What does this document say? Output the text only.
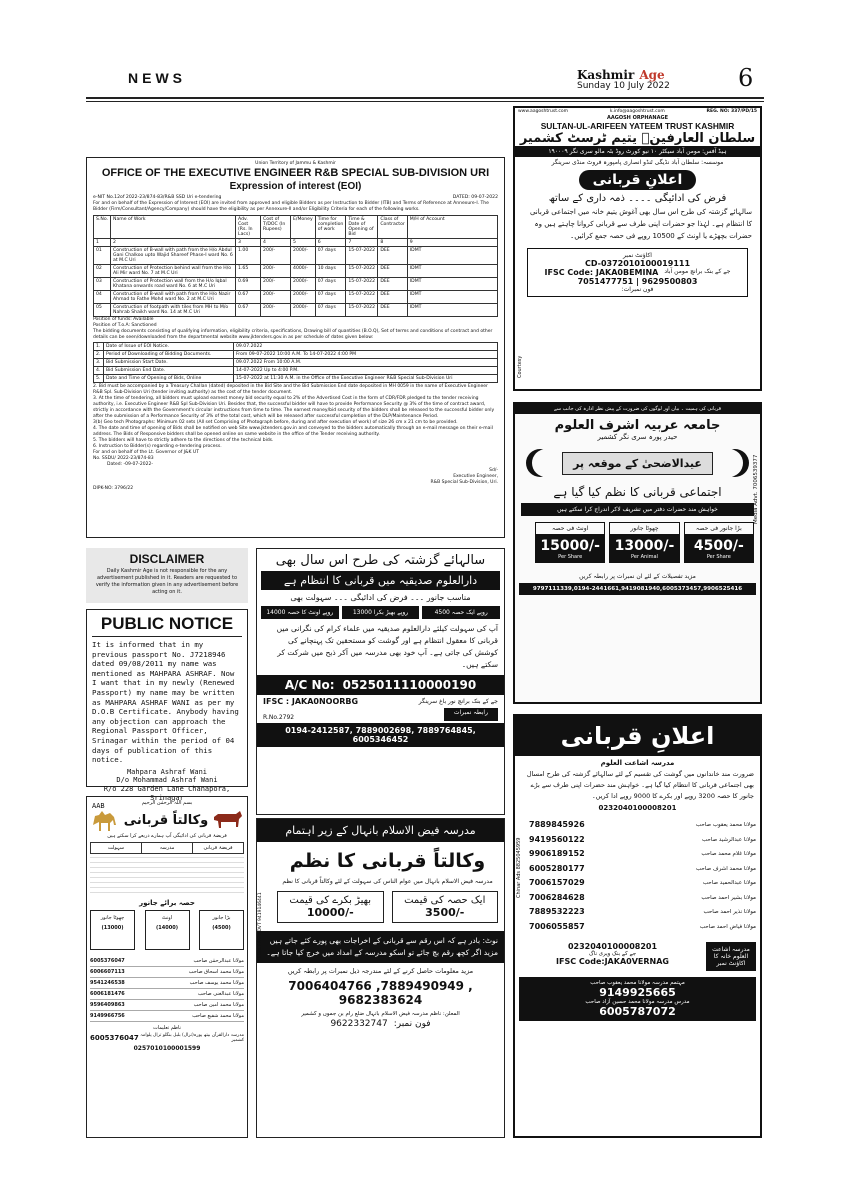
NEWS	Kashmir Age
Sunday 10 July 2022	6
Union Territory of Jammu & Kashmir
OFFICE OF THE EXECUTIVE ENGINEER R&B SPECIAL SUB-DIVISION URI
Expression of interest (EOI)
e-NIT No.12of 2022-23/874-83/R&B SSD Uri e-tendering	DATED: 09-07-2022
For and on behalf of the Expression of Interest (EOI) are invited from approved and eligible Bidders as per Instruction to Bidder (ITB) and Terms of Reference at Annexure-I. The Bidder (Firm/Consultant/Agency/Company) should have the eligibility as per Annexure-II and/or Eligibility Criteria for each of the following works.
S.No.	Name of Work	Adv. Cost (Rs. In Lacs)	Cost of T/DOC (In Rupees)	E/Money	Time for completion of work	Time & Date of Opening of Bid	Class of Contractor	M/H of Account
1	2	3	4	5	6	7	8	9
01	Construction of B-wall with path from the H/o Abdul Gani Chalkoo upto Wajid Shareef Phase-I ward No. 6 at M.C Uri	1.00	200/-	2000/-	07 days	15-07-2022	DEE	IDMT
02	Construction of Protection behind wall from the H/o Ali Mir ward No. 7 at M.C Uri	1.65	200/-	4000/-	10 days	15-07-2022	DEE	IDMT
03	Construction of Protection wall from the H/o Iqbal Khatana onwards road ward No. 6 at M.C Uri	0.69	200/-	2000/-	07 days	15-07-2022	DEE	IDMT
04	Construction of B-wall with path from the H/o Nazir Ahmad to Fathe Mohd ward No. 2 at M.C Uri	0.67	200/-	2000/-	07 days	15-07-2022	DEE	IDMT
05	Construction of footpath with tiles from MH to M/o Nahrab Shaikh ward No. 14 at M.C Uri	0.67	200/-	2000/-	07 days	15-07-2022	DEE	IDMT
Position of funds: Available
Position of T.o.A: Sanctioned
The bidding documents consisting of qualifying information, eligibility criteria, specifications, Drawing bill of quantities (B.O.Q), Set of terms and conditions of contract and other details can be seen/downloaded from the departmental website www.jktenders.gov.in as per schedule of dates given below:
1.	Date of Issue of EOI Notice.	09.07.2022
2.	Period of Downloading of Bidding Documents.	From 09-07-2022 10:00 A.M. To 14-07-2022 4:00 PM
3.	Bid Submission Start Date.	09.07.2022 From 10:00 A.M.
4.	Bid Submission End Date.	14-07-2022 Up to 4:00 P.M.
5.	Date and Time of Opening of Bids, Online	15-07-2022 at 11:30 A.M. in the Office of the Executive Engineer R&B Special Sub-Division Uri
2. Bid must be accompanied by a Treasury Challan (dated) deposited in the Bid Site and the Bid Submission End date deposited in MH 0059 in the name of Executive Engineer R&B Spl. Sub-Division Uri (tender inviting authority) as the cost of the tender document.
3. At the time of tendering, all bidders must upload earnest money bid security equal to 2% of the Advertised Cost in the form of CDR/FDR pledged to the tender receiving authority, i.e. Executive Engineer R&B Spl Sub-Division Uri. Besides that, the successful bidder will have to provide Performance Security @ 3% of the time of contract award, strictly in accordance with the Government's circular instructions from time to time. The earnest money/bid security of the bidders shall be released to the successful bidder only after the submission of a Performance Security of 3% of the total cost, which will be released after successful completion of the DLP/Maintenance Period.
3(b) Geo tech Photographs: Minimum 02 sets (All set Comprising of Photograph before, during and after execution of work) of size 26 cm x 21 cm to be provided.
4. The date and time of opening of Bids shall be notified on web Site www.jktenders.gov.in and conveyed to the bidders automatically through an e-mail message on their e-mail address. The Bids of Responsive bidders shall be opened online on same website in the office of the Tender receiving authority.
5. The bidders will have to strictly adhere to the directions of the technical bids.
6. Instruction to Bidder(s) regarding e-tendering process.
For and on behalf of the Lt. Governor of J&K UT
No. SSDU/ 2022-23/874-83
Dated: -09-07-2022-
Sd/-
Executive Engineer,
R&B Special Sub-Division, Uri.
DIPK-NO: 3796/22
DISCLAIMER
Daily Kashmir Age is not responsible for the any advertisement published in it. Readers are requested to verify the information given in any advertisement before acting on it.
PUBLIC NOTICE
It is informed that in my previous passport No. J7218946 dated 09/08/2011 my name was mentioned as MAHPARA ASHRAF. Now I want that in my newly (Renewed Passport) my name may be written as MAHPARA ASHRAF WANI as per my D.O.B Certificate. Anybody having any objection can approach the Regional Passport Officer, Srinagar within the period of 04 days of publication of this notice.
Mahpara Ashraf Wani
D/o Mohammad Ashraf Wani
R/o 228 Garden Lane Chanapora, Srinagar
AAB	بسم اللہ الرحمٰن الرحیم
وکالتاً قربانی
فریضۂ قربانی کی ادائیگی آپ ہمارے ذریعے کرا سکتے ہیں
سہولت	مدرسہ	فریضۂ قربانی
حصہ برائے جانور
چھوٹا جانور
(13000)
اونٹ
(14000)
بڑا جانور
(4500)
6005376047	مولانا عبدالرحمٰن صاحب
6006607113	مولانا محمد اسحاق صاحب
9541246538	مولانا محمد یوسف صاحب
6006181476	مولانا عبدالغنی صاحب
9596409863	مولانا محمد امین صاحب
9149966756	مولانا محمد شفیع صاحب
ناظم تعلیمات
6005376047 مدرسہ دارالقرآن بیتھ پورہ(ترال) بلبل بنگلو ترال پلوامہ کشمیر
0257010100001599
سالہائے گزشتہ کی طرح اس سال بھی
دارالعلوم صدیقیہ میں قربانی کا انتظام ہے
مناسب جانور ۔۔۔ فرض کی ادائیگی ۔۔۔ سہولت بھی
14000 روپے اونٹ کا حصہ	13000 روپے بھیڑ بکرا	4500 روپے ایک حصہ
آپ کی سہولت کیلئے دارالعلوم صدیقیہ میں علماء کرام کی نگرانی میں قربانی کا معقول انتظام ہے اور گوشت کو مستحقین تک پہنچانے کی کوشش کی جاتی ہے۔ آپ خود بھی مدرسہ میں آکر ذبح میں شرکت کر سکتے ہیں۔
A/C No: 0525011110000190
IFSC : JAKA0NOORBG	جے کے بنک برانچ نور باغ سرینگر
R.No.2792
رابطہ نمبرات
0194-2412587, 7889002698, 7889764845, 6005346452
مدرسہ فیض الاسلام بانہال کے زیر اہتمام
MEDIA FIVE ADVT 9419146441
وکالتاً قربانی کا نظم
مدرسہ فیض الاسلام بانہال میں عوام الناس کی سہولت کے لئے وکالتاً قربانی کا نظم
بھیڑ بکرے کی قیمت
10000/-
ایک حصہ کی قیمت
3500/-
نوٹ: بادر ہے کہ اس رقم سے قربانی کے اخراجات بھی پورے کئے جاتے ہیں مزید اگر کچھ رقم بچ جائے تو اسکو مدرسہ کے امداد میں خرچ کیا جاتا ہے۔
مزید معلومات حاصل کرنے کے لئے مندرجہ ذیل نمبرات پر رابطہ کریں
7006404766 ,7889490949 , 9682383624
المعلن: ناظم مدرسہ فیض الاسلام بانہال ضلع رام بن جموں و کشمیر
9622332747 فون نمبر:
www.aagoshtrust.com	k.info@aagoshtrust.com	REG. NO: 337/PD/15
AAGOSH ORPHANAGE
SULTAN-UL-ARIFEEN YATEEM TRUST KASHMIR
سلطان العارفینؒ یتیم ٹرسٹ کشمیر
ہیڈ آفس: مومن آباد سیکٹر ۱۰ نیو کورٹ روڈ بٹہ مالو سری نگر ۱۹۰۰۰۹
موسسہ: سلطان آباد نڈیگی ٹنڈو انصاری پامپورہ فروٹ منڈی سرینگر
اعلانِ قربانی
فرض کی ادائیگی ۔۔۔۔ ذمہ داری کے ساتھ
سالہائے گزشتہ کی طرح اس سال بھی آغوش یتیم خانہ میں اجتماعی قربانی کا انتظام ہے۔ لہٰذا جو حضرات اپنی طرف سے قربانی کروانا چاہتے ہیں وہ حضرات بچھڑے یا اونٹ کے 10500 روپے فی حصہ جمع کرائیں۔
اکاؤنٹ نمبر
CD-0372010100019111
IFSC Code: JAKA0BEMINA جے کے بنک برانچ مومن آباد
7051477751 | 9629500803
فون نمبرات:
Courtesy
قربانی کی ہمیت ۔ بیان اور لوگوں کی ضرورت کے پیش نظر ادارہ کی جانب سے
جامعہ عربیہ اشرف العلوم
حیدر پورہ سری نگر کشمیر
عیدالاضحیٰ کے موقعہ پر
اجتماعی قربانی کا نظم کیا گیا ہے
خواہش مند حضرات دفتر میں تشریف لاکر اندراج کرا سکتے ہیں
اونٹ فی حصہ
15000/-
Per Share
چھوٹا جانور
13000/-
Per Animal
بڑا جانور فی حصہ
4500/-
Per Share
مزید تفصیلات کے لئے ان نمبرات پر رابطہ کریں
9797111339,0194-2441661,9419081940,6005373457,9906525416
Media Advt. 7006539377
اعلانِ قربانی
مدرسہ اشاعت العلوم
ضرورت مند خاندانوں میں گوشت کی تقسیم کے لئے سالہائے گزشتہ کی طرح امسال بھی اجتماعی قربانی کا انتظام کیا گیا ہے۔ خواہش مند حضرات اپنی طرف سے بڑے جانور کا حصہ 3200 روپے اور بکرے کا 9000 روپے ادا کریں۔
0232040100008201
Chinar Ads 8825045959
7889845926	مولانا محمد یعقوب صاحب
9419560122	مولانا عبدالرشید صاحب
9906189152	مولانا غلام محمد صاحب
6005280177	مولانا محمد اشرف صاحب
7006157029	مولانا عبدالحمید صاحب
7006284628	مولانا بشیر احمد صاحب
7889532223	مولانا نذیر احمد صاحب
7006055857	مولانا فیاض احمد صاحب
0232040100008201
جے کے بنک ویری ناگ
IFSC Code:JAKA0VERNAG
مدرسہ اشاعت العلوم خانہ کا اکاؤنٹ نمبر
مہتمم مدرسہ مولانا محمد یعقوب صاحب
9149925665
مدرس مدرسہ مولانا محمد حسین آزاد صاحب
6005787072
